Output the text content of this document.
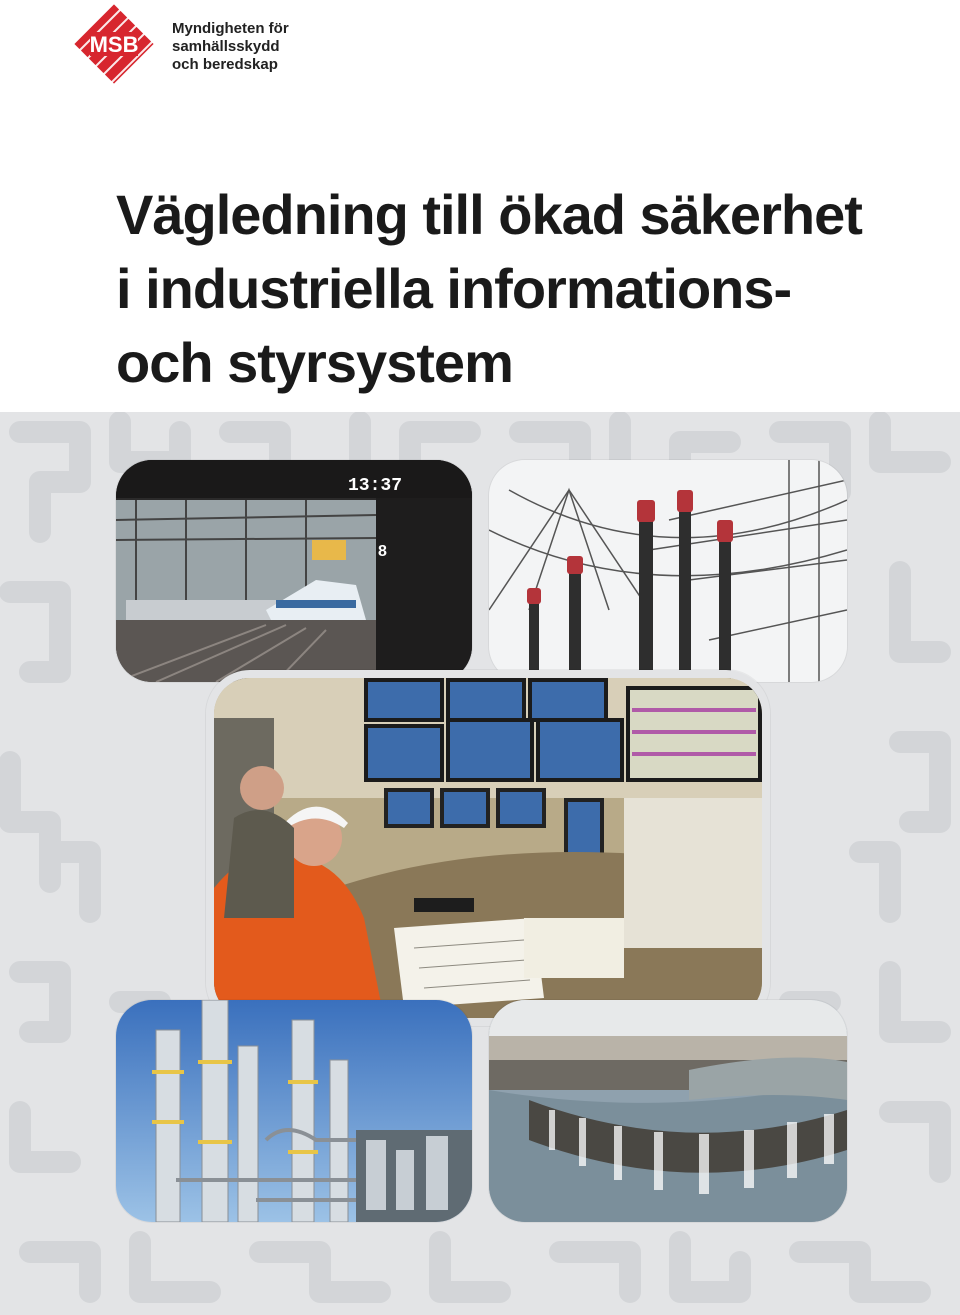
MSB
Myndigheten för
samhällsskydd
och beredskap
Vägledning till ökad säkerhet
i industriella informations-
och styrsystem
13:37
8
